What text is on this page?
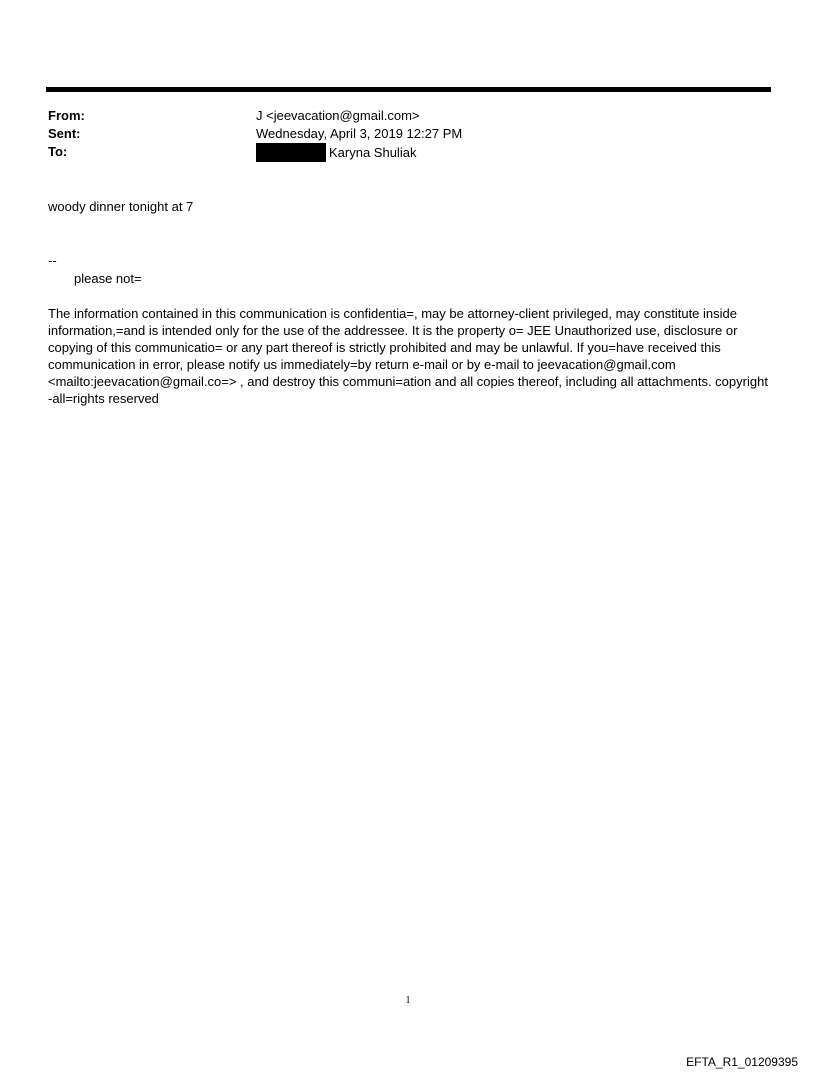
From:	J <jeevacation@gmail.com>
Sent:	Wednesday, April 3, 2019 12:27 PM
To:	Karyna Shuliak

woody dinner tonight at 7

--

please not=

The information contained in this communication is confidentia=, may be attorney-client privileged, may constitute inside information,=and is intended only for the use of the addressee. It is the property o= JEE Unauthorized use, disclosure or copying of this communicatio= or any part thereof is strictly prohibited and may be unlawful. If you=have received this communication in error, please notify us immediately=by return e-mail or by e-mail to jeevacation@gmail.com <mailto:jeevacation@gmail.co=> , and destroy this communi=ation and all copies thereof, including all attachments. copyright -all=rights reserved

1
EFTA_R1_01209395
